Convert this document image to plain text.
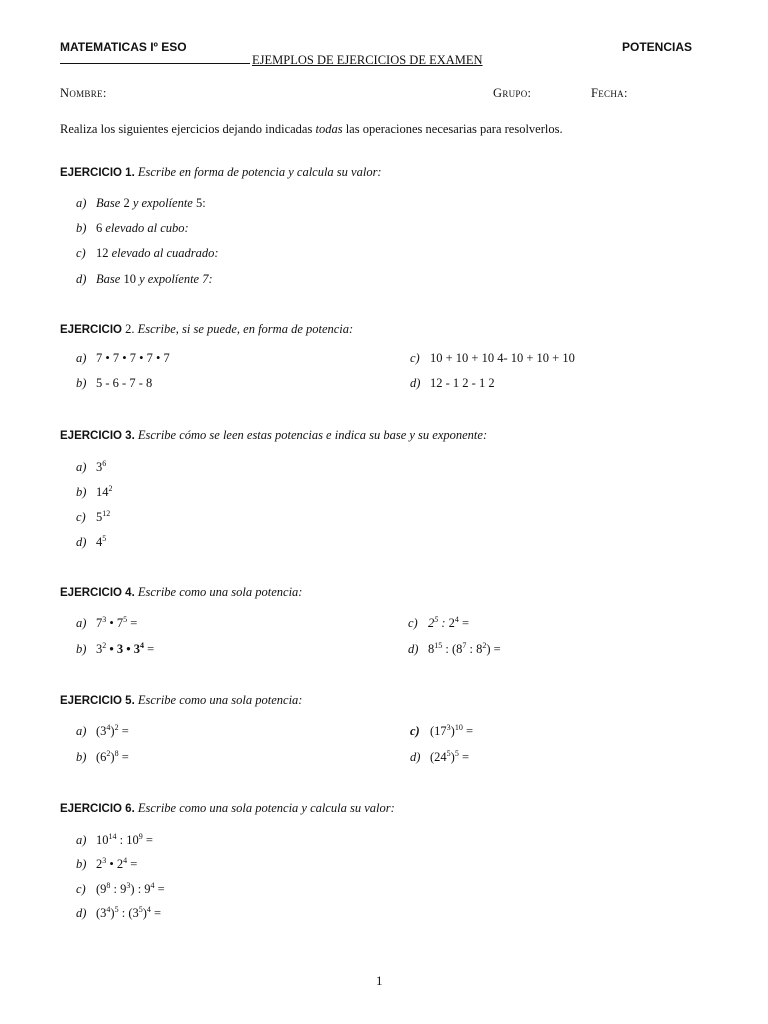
MATEMATICAS Iº ESO	POTENCIAS
EJEMPLOS DE EJERCICIOS DE EXAMEN
Nombre:	Grupo:	Fecha:
Realiza los siguientes ejercicios dejando indicadas todas las operaciones necesarias para resolverlos.
EJERCICIO 1. Escribe en forma de potencia y calcula su valor:
a) Base 2 y expolíente 5:
b) 6 elevado al cubo:
c) 12 elevado al cuadrado:
d) Base 10 y expolíente 7:
EJERCICIO 2. Escribe, si se puede, en forma de potencia:
a) 7 • 7 • 7 • 7 • 7	c) 10 + 10 + 10 4- 10 + 10 + 10
b) 5 - 6 - 7 - 8	d) 12 - 1 2 - 1 2
EJERCICIO 3. Escribe cómo se leen estas potencias e indica su base y su exponente:
a) $3^6$
b) $14^2$
c) $5^{12}$
d) $4^5$
EJERCICIO 4. Escribe como una sola potencia:
a) $7^3$ • $7^5$ =	c) $2^5$ : $2^4$ =
b) $3^2$ • 3 • $3^4$ =	d) $8^{15}$ : ($8^7$ : $8^2$) =
EJERCICIO 5. Escribe como una sola potencia:
a) $(3^4)^2$ =	c) $(17^3)^{10}$ =
b) $(6^2)^8$ =	d) $(24^5)^5$ =
EJERCICIO 6. Escribe como una sola potencia y calcula su valor:
a) $10^{14}$ : $10^9$ =
b) $2^3$ • $2^4$ =
c) ($9^8$ : $9^3$) : $9^4$ =
d) $(3^4)^5$ : $(3^5)^4$ =
1
